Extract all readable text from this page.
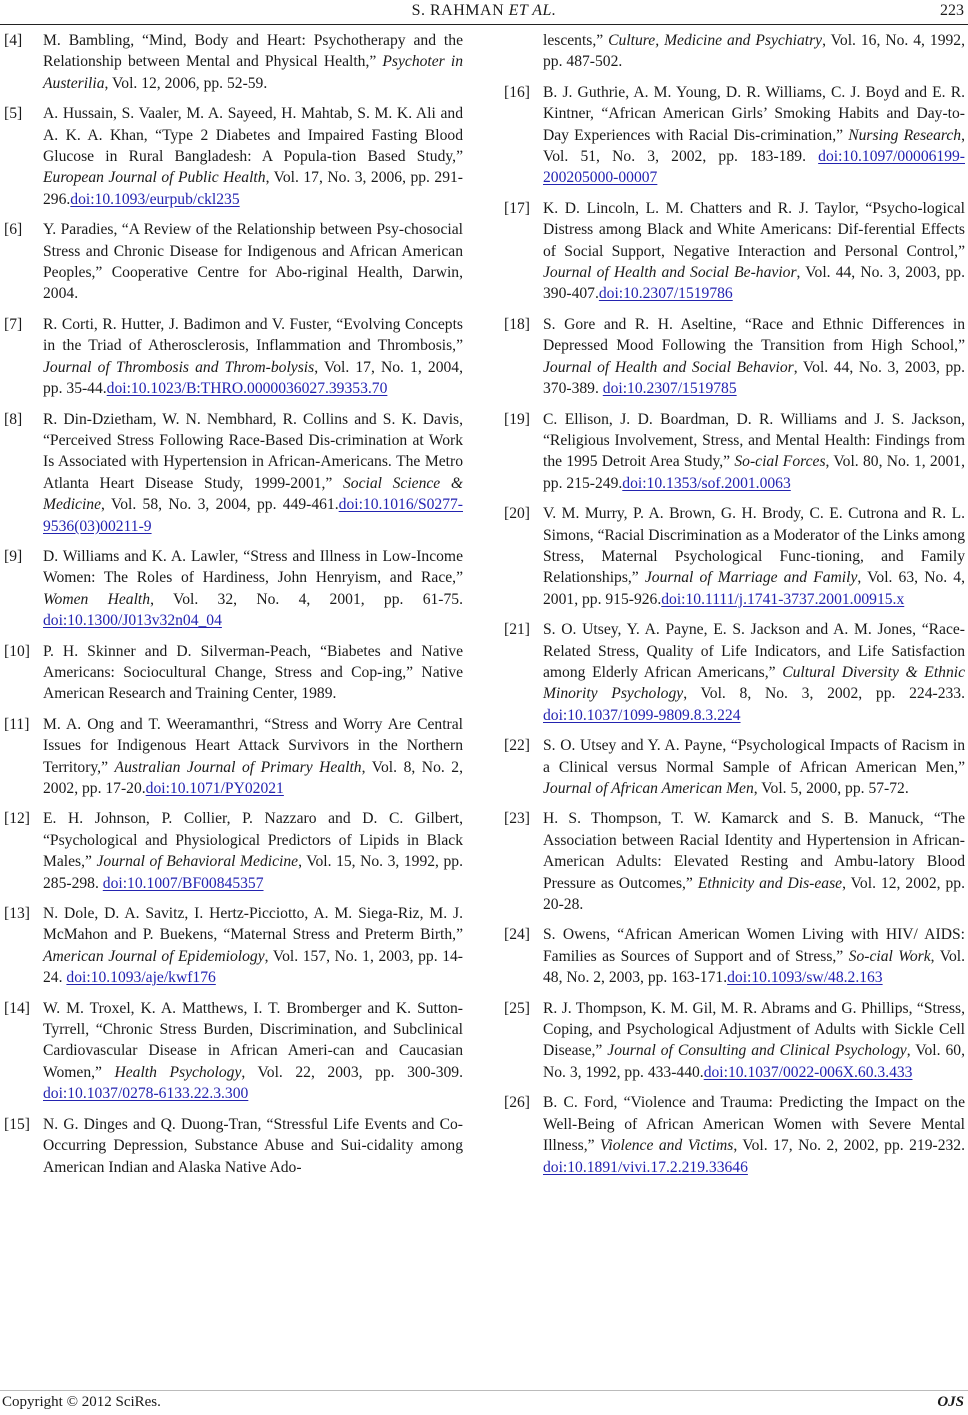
S. RAHMAN ET AL.	223
[4]	M. Bambling, “Mind, Body and Heart: Psychotherapy and the Relationship between Mental and Physical Health,” Psychoter in Austerilia, Vol. 12, 2006, pp. 52-59.
[5]	A. Hussain, S. Vaaler, M. A. Sayeed, H. Mahtab, S. M. K. Ali and A. K. A. Khan, “Type 2 Diabetes and Impaired Fasting Blood Glucose in Rural Bangladesh: A Popula-tion Based Study,” European Journal of Public Health, Vol. 17, No. 3, 2006, pp. 291-296.doi:10.1093/eurpub/ckl235
[6]	Y. Paradies, “A Review of the Relationship between Psy-chosocial Stress and Chronic Disease for Indigenous and African American Peoples,” Cooperative Centre for Abo-riginal Health, Darwin, 2004.
[7]	R. Corti, R. Hutter, J. Badimon and V. Fuster, “Evolving Concepts in the Triad of Atherosclerosis, Inflammation and Thrombosis,” Journal of Thrombosis and Throm-bolysis, Vol. 17, No. 1, 2004, pp. 35-44.doi:10.1023/B:THRO.0000036027.39353.70
[8]	R. Din-Dzietham, W. N. Nembhard, R. Collins and S. K. Davis, “Perceived Stress Following Race-Based Dis-crimination at Work Is Associated with Hypertension in African-Americans. The Metro Atlanta Heart Disease Study, 1999-2001,” Social Science & Medicine, Vol. 58, No. 3, 2004, pp. 449-461.doi:10.1016/S0277-9536(03)00211-9
[9]	D. Williams and K. A. Lawler, “Stress and Illness in Low-Income Women: The Roles of Hardiness, John Henryism, and Race,” Women Health, Vol. 32, No. 4, 2001, pp. 61-75. doi:10.1300/J013v32n04_04
[10] P. H. Skinner and D. Silverman-Peach, “Biabetes and Native Americans: Sociocultural Change, Stress and Cop-ing,” Native American Research and Training Center, 1989.
[11] M. A. Ong and T. Weeramanthri, “Stress and Worry Are Central Issues for Indigenous Heart Attack Survivors in the Northern Territory,” Australian Journal of Primary Health, Vol. 8, No. 2, 2002, pp. 17-20.doi:10.1071/PY02021
[12] E. H. Johnson, P. Collier, P. Nazzaro and D. C. Gilbert, “Psychological and Physiological Predictors of Lipids in Black Males,” Journal of Behavioral Medicine, Vol. 15, No. 3, 1992, pp. 285-298. doi:10.1007/BF00845357
[13] N. Dole, D. A. Savitz, I. Hertz-Picciotto, A. M. Siega-Riz, M. J. McMahon and P. Buekens, “Maternal Stress and Preterm Birth,” American Journal of Epidemiology, Vol. 157, No. 1, 2003, pp. 14-24. doi:10.1093/aje/kwf176
[14] W. M. Troxel, K. A. Matthews, I. T. Bromberger and K. Sutton-Tyrrell, “Chronic Stress Burden, Discrimination, and Subclinical Cardiovascular Disease in African Ameri-can and Caucasian Women,” Health Psychology, Vol. 22, 2003, pp. 300-309. doi:10.1037/0278-6133.22.3.300
[15] N. G. Dinges and Q. Duong-Tran, “Stressful Life Events and Co-Occurring Depression, Substance Abuse and Sui-cidality among American Indian and Alaska Native Ado-
lescents,” Culture, Medicine and Psychiatry, Vol. 16, No. 4, 1992, pp. 487-502.
[16] B. J. Guthrie, A. M. Young, D. R. Williams, C. J. Boyd and E. R. Kintner, “African American Girls’ Smoking Habits and Day-to-Day Experiences with Racial Dis-crimination,” Nursing Research, Vol. 51, No. 3, 2002, pp. 183-189. doi:10.1097/00006199-200205000-00007
[17] K. D. Lincoln, L. M. Chatters and R. J. Taylor, “Psycho-logical Distress among Black and White Americans: Dif-ferential Effects of Social Support, Negative Interaction and Personal Control,” Journal of Health and Social Be-havior, Vol. 44, No. 3, 2003, pp. 390-407.doi:10.2307/1519786
[18] S. Gore and R. H. Aseltine, “Race and Ethnic Differences in Depressed Mood Following the Transition from High School,” Journal of Health and Social Behavior, Vol. 44, No. 3, 2003, pp. 370-389. doi:10.2307/1519785
[19] C. Ellison, J. D. Boardman, D. R. Williams and J. S. Jackson, “Religious Involvement, Stress, and Mental Health: Findings from the 1995 Detroit Area Study,” So-cial Forces, Vol. 80, No. 1, 2001, pp. 215-249.doi:10.1353/sof.2001.0063
[20] V. M. Murry, P. A. Brown, G. H. Brody, C. E. Cutrona and R. L. Simons, “Racial Discrimination as a Moderator of the Links among Stress, Maternal Psychological Func-tioning, and Family Relationships,” Journal of Marriage and Family, Vol. 63, No. 4, 2001, pp. 915-926.doi:10.1111/j.1741-3737.2001.00915.x
[21] S. O. Utsey, Y. A. Payne, E. S. Jackson and A. M. Jones, “Race-Related Stress, Quality of Life Indicators, and Life Satisfaction among Elderly African Americans,” Cultural Diversity & Ethnic Minority Psychology, Vol. 8, No. 3, 2002, pp. 224-233. doi:10.1037/1099-9809.8.3.224
[22] S. O. Utsey and Y. A. Payne, “Psychological Impacts of Racism in a Clinical versus Normal Sample of African American Men,” Journal of African American Men, Vol. 5, 2000, pp. 57-72.
[23] H. S. Thompson, T. W. Kamarck and S. B. Manuck, “The Association between Racial Identity and Hypertension in African-American Adults: Elevated Resting and Ambu-latory Blood Pressure as Outcomes,” Ethnicity and Dis-ease, Vol. 12, 2002, pp. 20-28.
[24] S. Owens, “African American Women Living with HIV/ AIDS: Families as Sources of Support and of Stress,” So-cial Work, Vol. 48, No. 2, 2003, pp. 163-171.doi:10.1093/sw/48.2.163
[25] R. J. Thompson, K. M. Gil, M. R. Abrams and G. Phillips, “Stress, Coping, and Psychological Adjustment of Adults with Sickle Cell Disease,” Journal of Consulting and Clinical Psychology, Vol. 60, No. 3, 1992, pp. 433-440.doi:10.1037/0022-006X.60.3.433
[26] B. C. Ford, “Violence and Trauma: Predicting the Impact on the Well-Being of African American Women with Severe Mental Illness,” Violence and Victims, Vol. 17, No. 2, 2002, pp. 219-232. doi:10.1891/vivi.17.2.219.33646
Copyright © 2012 SciRes.	OJS
